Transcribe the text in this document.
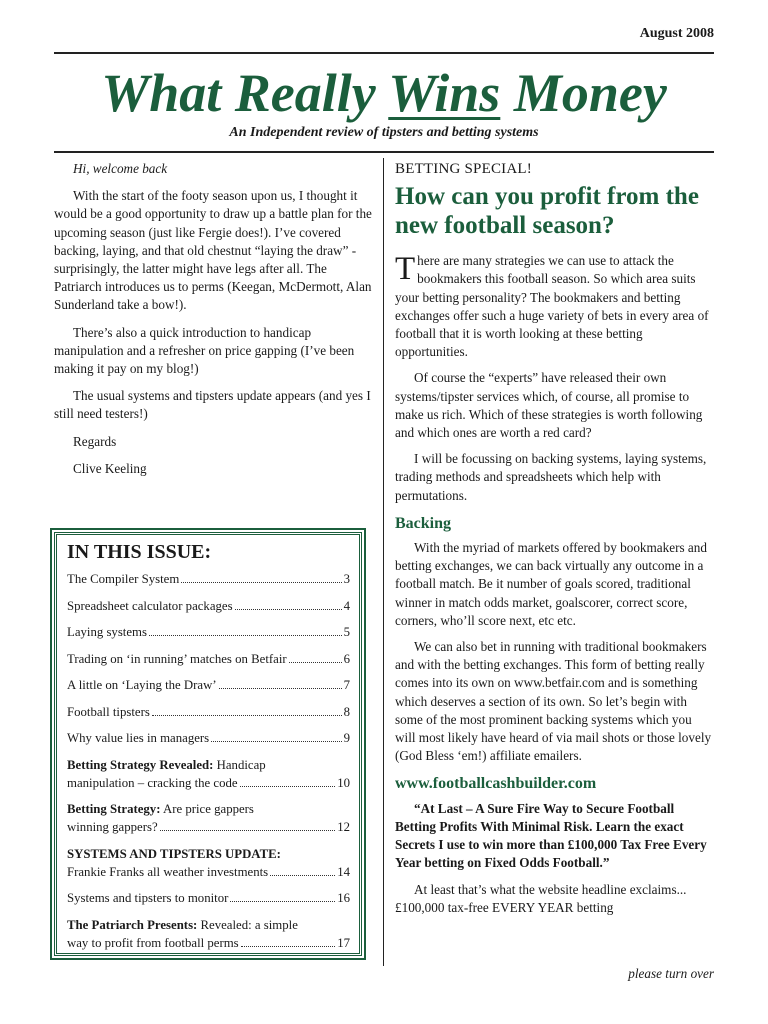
August 2008
What Really Wins Money
An Independent review of tipsters and betting systems
Hi, welcome back

With the start of the footy season upon us, I thought it would be a good opportunity to draw up a battle plan for the upcoming season (just like Fergie does!). I’ve covered backing, laying, and that old chestnut “laying the draw” - surprisingly, the latter might have legs after all. The Patriarch introduces us to perms (Keegan, McDermott, Alan Sunderland take a bow!).

There’s also a quick introduction to handicap manipulation and a refresher on price gapping (I’ve been making it pay on my blog!)

The usual systems and tipsters update appears (and yes I still need testers!)

Regards
Clive Keeling
IN THIS ISSUE:
The Compiler System	3
Spreadsheet calculator packages	4
Laying systems	5
Trading on ‘in running’ matches on Betfair	6
A little on ‘Laying the Draw’	7
Football tipsters	8
Why value lies in managers	9
Betting Strategy Revealed: Handicap
manipulation – cracking the code	10
Betting Strategy: Are price gappers
winning gappers?	12
SYSTEMS AND TIPSTERS UPDATE:
Frankie Franks all weather investments	14
Systems and tipsters to monitor	16
The Patriarch Presents: Revealed: a simple
way to profit from football perms	17
BETTING SPECIAL!
How can you profit from the new football season?

There are many strategies we can use to attack the bookmakers this football season. So which area suits your betting personality? The bookmakers and betting exchanges offer such a huge variety of bets in every area of football that it is worth looking at these betting opportunities.

Of course the “experts” have released their own systems/tipster services which, of course, all promise to make us rich. Which of these strategies is worth following and which ones are worth a red card?

I will be focussing on backing systems, laying systems, trading methods and spreadsheets which help with permutations.

Backing

With the myriad of markets offered by bookmakers and betting exchanges, we can back virtually any outcome in a football match. Be it number of goals scored, traditional winner in match odds market, goalscorer, correct score, corners, who’ll score next, etc etc.

We can also bet in running with traditional bookmakers and with the betting exchanges. This form of betting really comes into its own on www.betfair.com and is something which deserves a section of its own. So let’s begin with some of the most prominent backing systems which you will most likely have heard of via mail shots or those lovely (God Bless ‘em!) affiliate emailers.

www.footballcashbuilder.com

“At Last – A Sure Fire Way to Secure Football Betting Profits With Minimal Risk. Learn the exact Secrets I use to win more than £100,000 Tax Free Every Year betting on Fixed Odds Football.”

At least that’s what the website headline exclaims... £100,000 tax-free EVERY YEAR betting

please turn over
